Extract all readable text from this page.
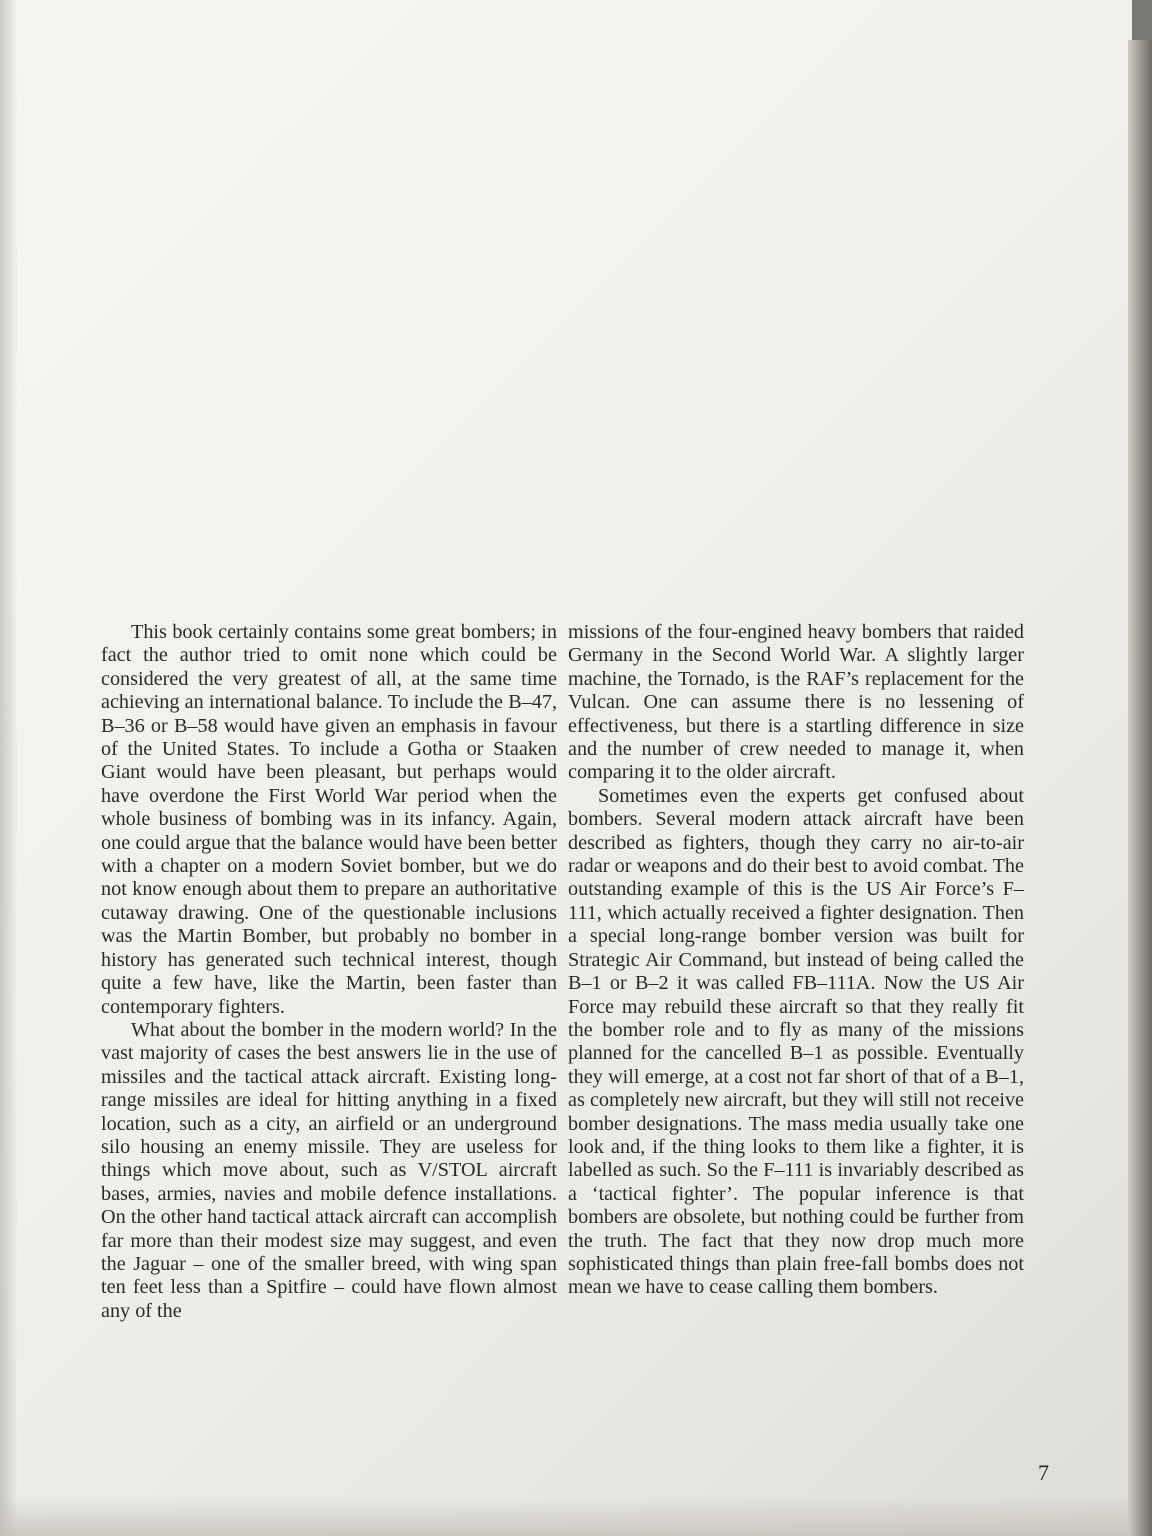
This book certainly contains some great bombers; in fact the author tried to omit none which could be considered the very greatest of all, at the same time achieving an international balance. To include the B–47, B–36 or B–58 would have given an emphasis in favour of the United States. To include a Gotha or Staaken Giant would have been pleasant, but perhaps would have overdone the First World War period when the whole business of bombing was in its infancy. Again, one could argue that the balance would have been better with a chapter on a modern Soviet bomber, but we do not know enough about them to prepare an authoritative cutaway drawing. One of the questionable inclusions was the Martin Bomber, but probably no bomber in history has generated such technical interest, though quite a few have, like the Martin, been faster than contemporary fighters.

What about the bomber in the modern world? In the vast majority of cases the best answers lie in the use of missiles and the tactical attack aircraft. Existing long-range missiles are ideal for hitting anything in a fixed location, such as a city, an airfield or an underground silo housing an enemy missile. They are useless for things which move about, such as V/STOL aircraft bases, armies, navies and mobile defence installations. On the other hand tactical attack aircraft can accomplish far more than their modest size may suggest, and even the Jaguar – one of the smaller breed, with wing span ten feet less than a Spitfire – could have flown almost any of the

missions of the four-engined heavy bombers that raided Germany in the Second World War. A slightly larger machine, the Tornado, is the RAF’s replacement for the Vulcan. One can assume there is no lessening of effectiveness, but there is a startling difference in size and the number of crew needed to manage it, when comparing it to the older aircraft.

Sometimes even the experts get confused about bombers. Several modern attack aircraft have been described as fighters, though they carry no air-to-air radar or weapons and do their best to avoid combat. The outstanding example of this is the US Air Force’s F–111, which actually received a fighter designation. Then a special long-range bomber version was built for Strategic Air Command, but instead of being called the B–1 or B–2 it was called FB–111A. Now the US Air Force may rebuild these aircraft so that they really fit the bomber role and to fly as many of the missions planned for the cancelled B–1 as possible. Eventually they will emerge, at a cost not far short of that of a B–1, as completely new aircraft, but they will still not receive bomber designations. The mass media usually take one look and, if the thing looks to them like a fighter, it is labelled as such. So the F–111 is invariably described as a ‘tactical fighter’. The popular inference is that bombers are obsolete, but nothing could be further from the truth. The fact that they now drop much more sophisticated things than plain free-fall bombs does not mean we have to cease calling them bombers.

7
